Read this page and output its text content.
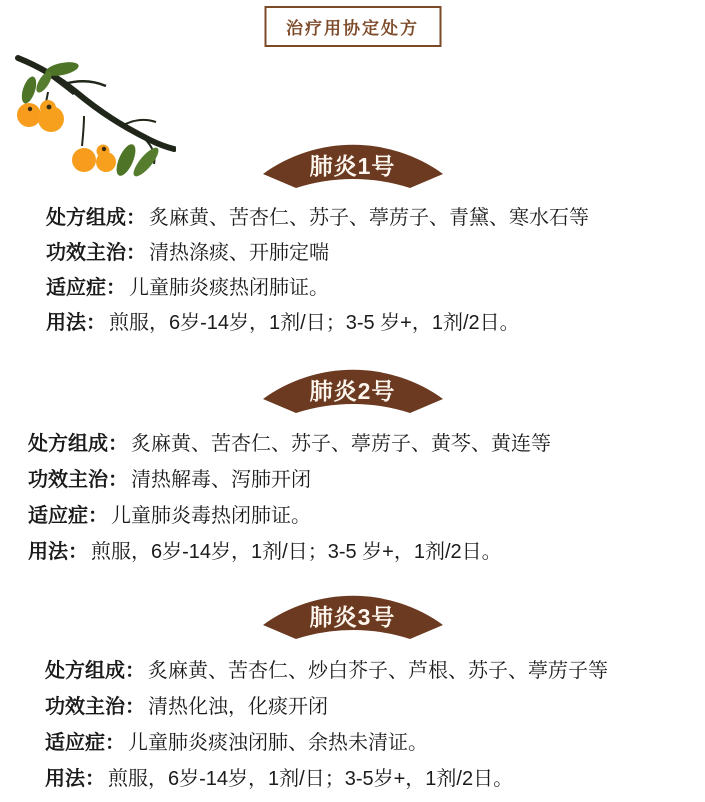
治疗用协定处方
肺炎1号
处方组成： 炙麻黄、苦杏仁、苏子、葶苈子、青黛、寒水石等
功效主治： 清热涤痰、开肺定喘
适应症： 儿童肺炎痰热闭肺证。
用法： 煎服，6岁-14岁，1剂/日；3-5 岁+，1剂/2日。
肺炎2号
处方组成： 炙麻黄、苦杏仁、苏子、葶苈子、黄芩、黄连等
功效主治： 清热解毒、泻肺开闭
适应症： 儿童肺炎毒热闭肺证。
用法： 煎服，6岁-14岁，1剂/日；3-5 岁+，1剂/2日。
肺炎3号
处方组成： 炙麻黄、苦杏仁、炒白芥子、芦根、苏子、葶苈子等
功效主治： 清热化浊，化痰开闭
适应症： 儿童肺炎痰浊闭肺、余热未清证。
用法： 煎服，6岁-14岁，1剂/日；3-5岁+，1剂/2日。
